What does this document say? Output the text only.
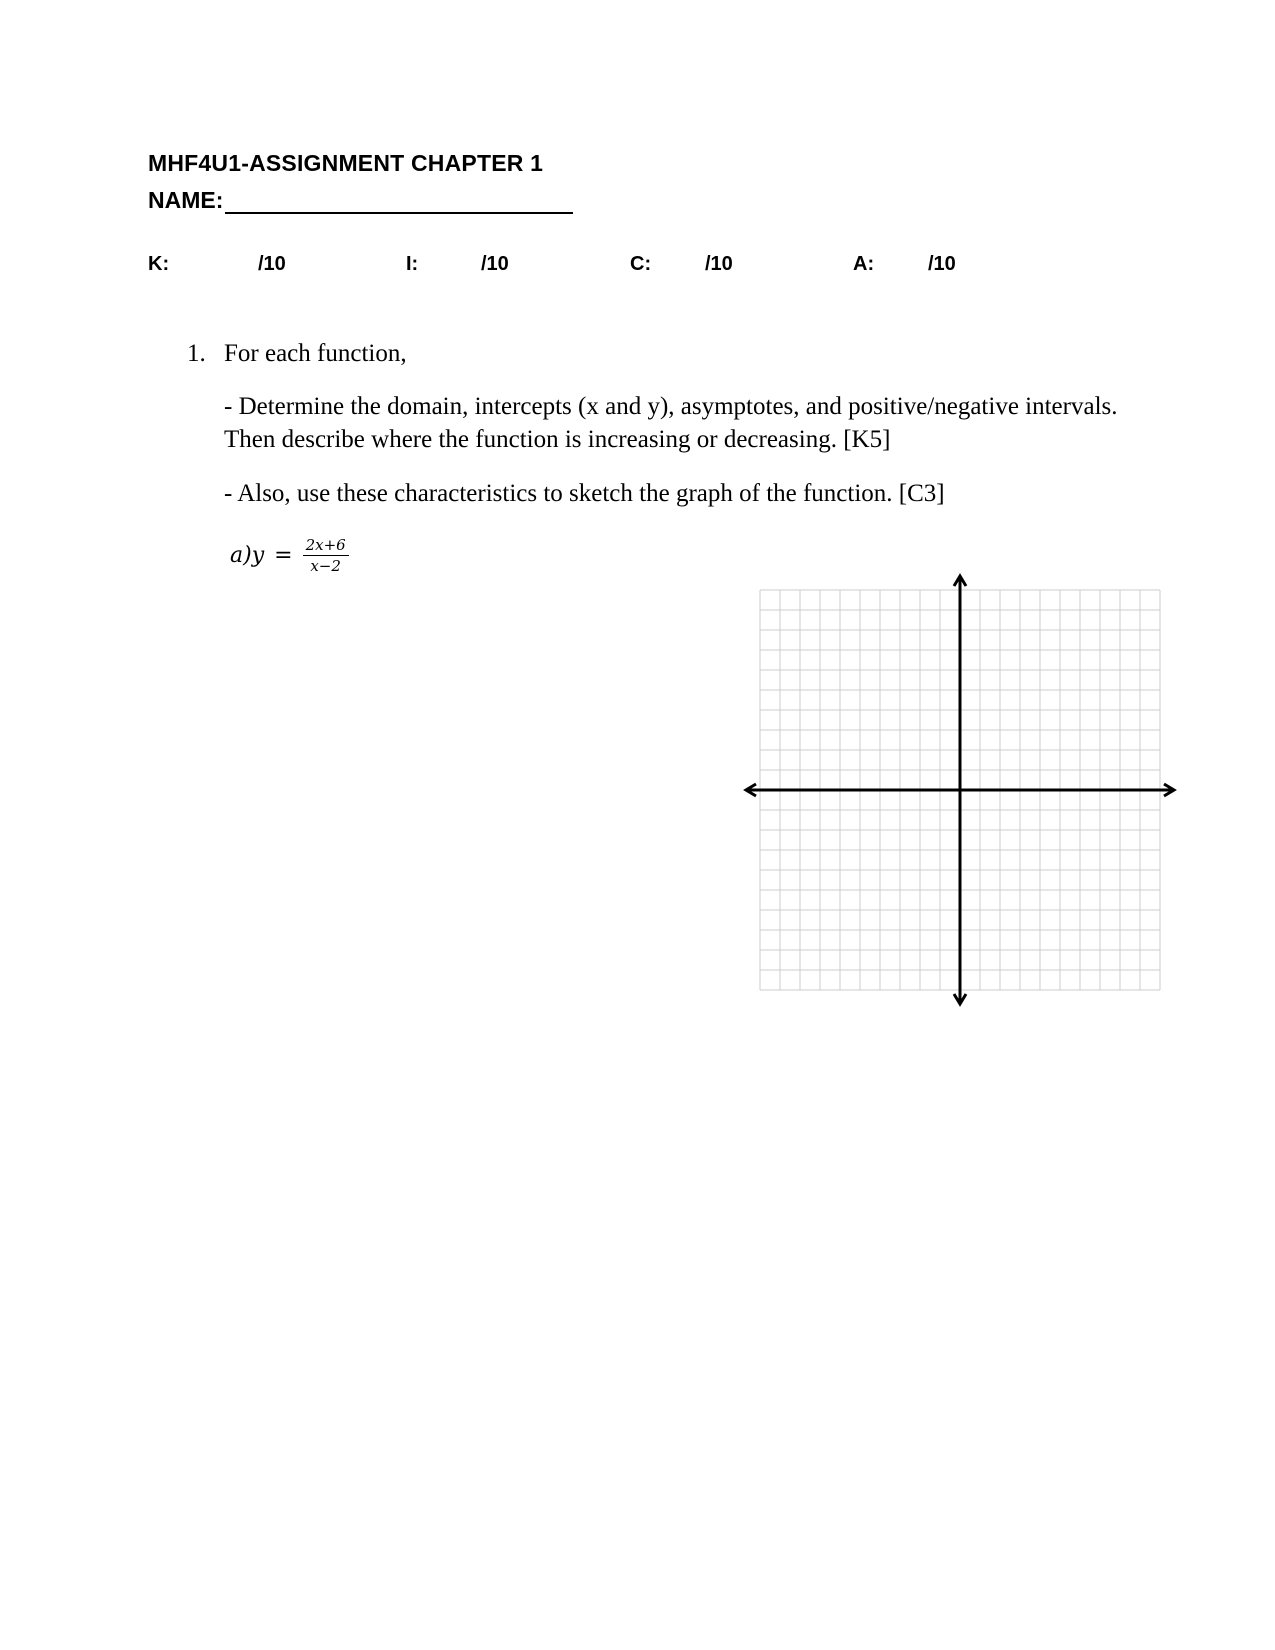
MHF4U1-ASSIGNMENT CHAPTER 1
NAME:
K:	/10	I:	/10	C:	/10	A:	/10
1. For each function,
- Determine the domain, intercepts (x and y), asymptotes, and positive/negative intervals.
Then describe where the function is increasing or decreasing. [K5]
- Also, use these characteristics to sketch the graph of the function. [C3]
a) $y = \frac{2x+6}{x-2}$
